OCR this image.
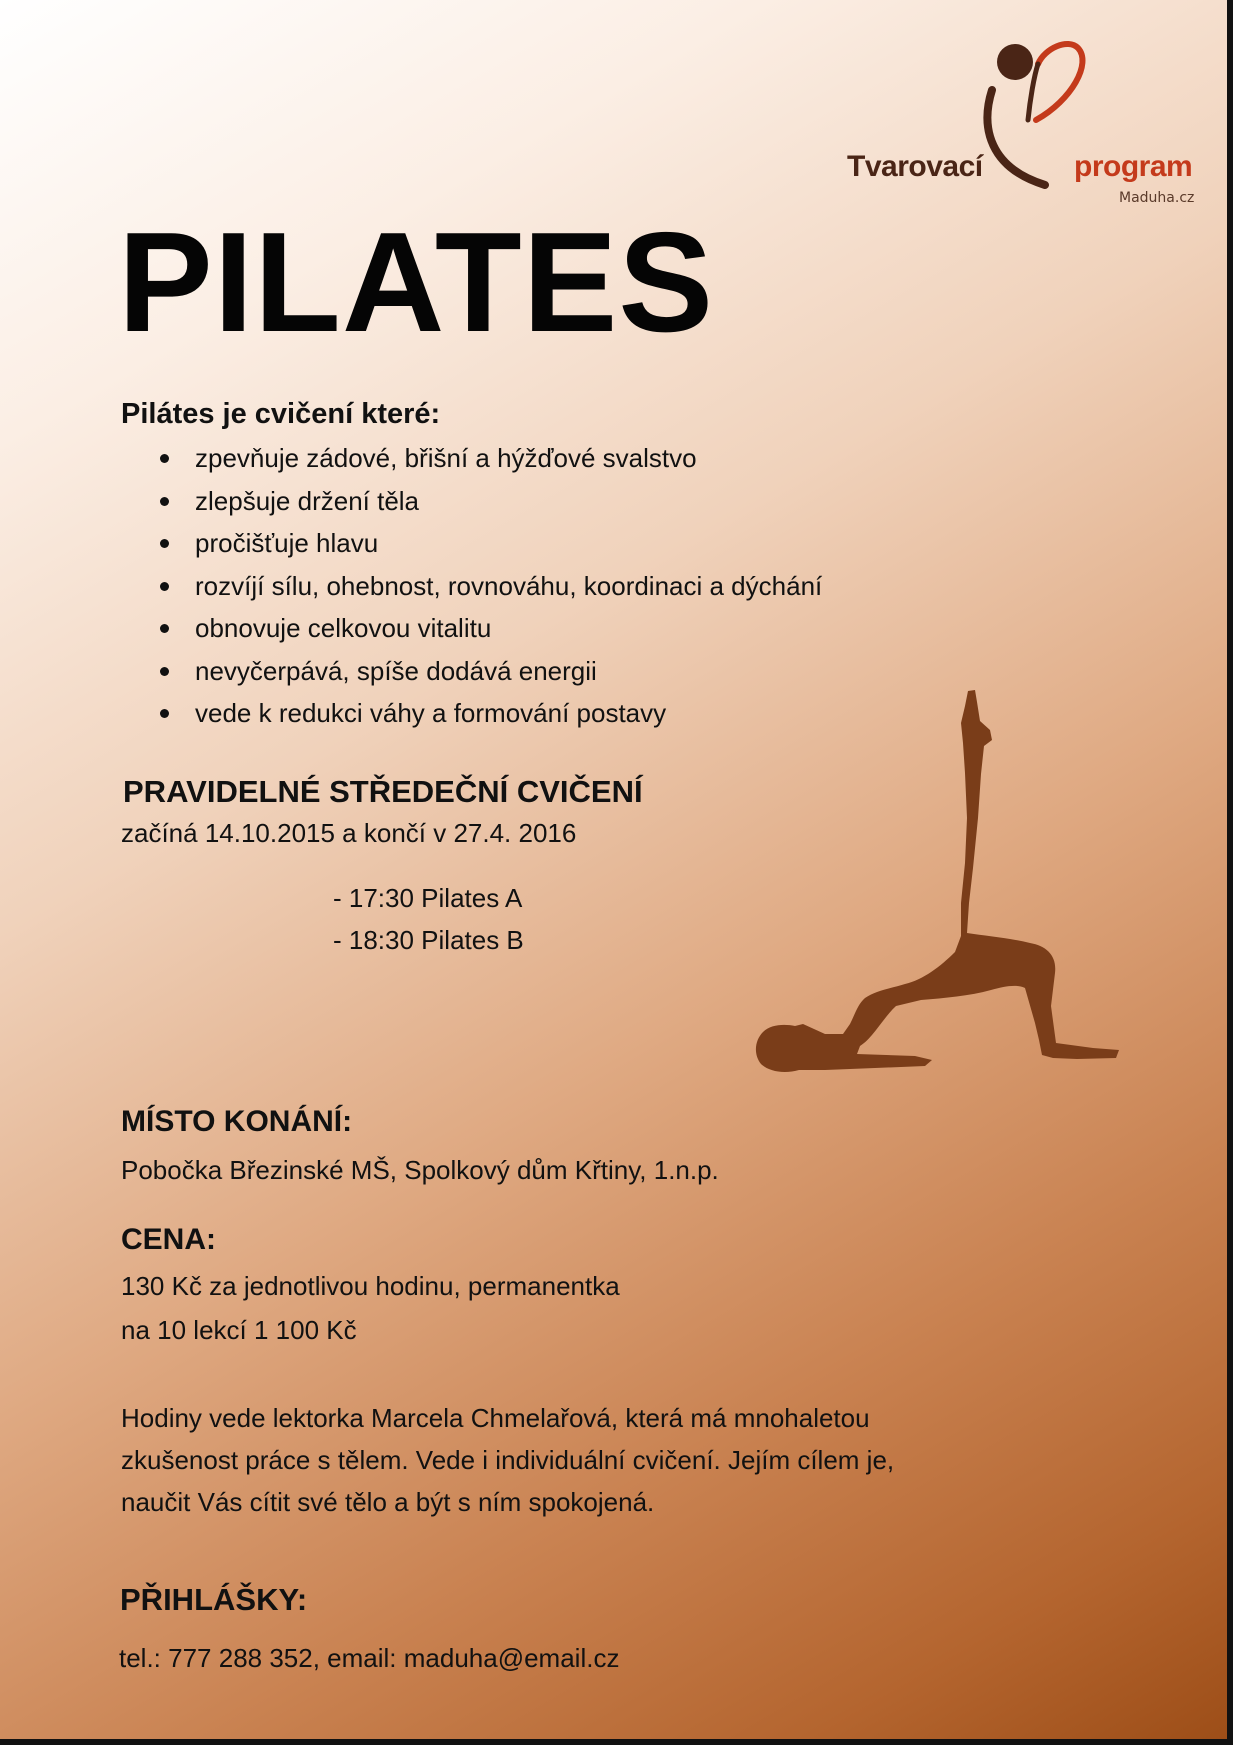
Tvarovací	program
Maduha.cz
PILATES
Pilátes je cvičení které:
zpevňuje zádové, břišní a hýžďové svalstvo
zlepšuje držení těla
pročišťuje hlavu
rozvíjí sílu, ohebnost, rovnováhu, koordinaci a dýchání
obnovuje celkovou vitalitu
nevyčerpává, spíše dodává energii
vede k redukci váhy a formování postavy
PRAVIDELNÉ STŘEDEČNÍ CVIČENÍ

začíná 14.10.2015 a končí v 27.4. 2016

- 17:30 Pilates A

- 18:30 Pilates B

MÍSTO KONÁNÍ:

Pobočka Březinské MŠ, Spolkový dům Křtiny, 1.n.p.

CENA:

130 Kč za jednotlivou hodinu, permanentka

na 10 lekcí 1 100 Kč

Hodiny vede lektorka Marcela Chmelařová, která má mnohaletou

zkušenost práce s tělem. Vede i individuální cvičení. Jejím cílem je,

naučit Vás cítit své tělo a být s ním spokojená.

PŘIHLÁŠKY:

tel.: 777 288 352, email: maduha@email.cz
